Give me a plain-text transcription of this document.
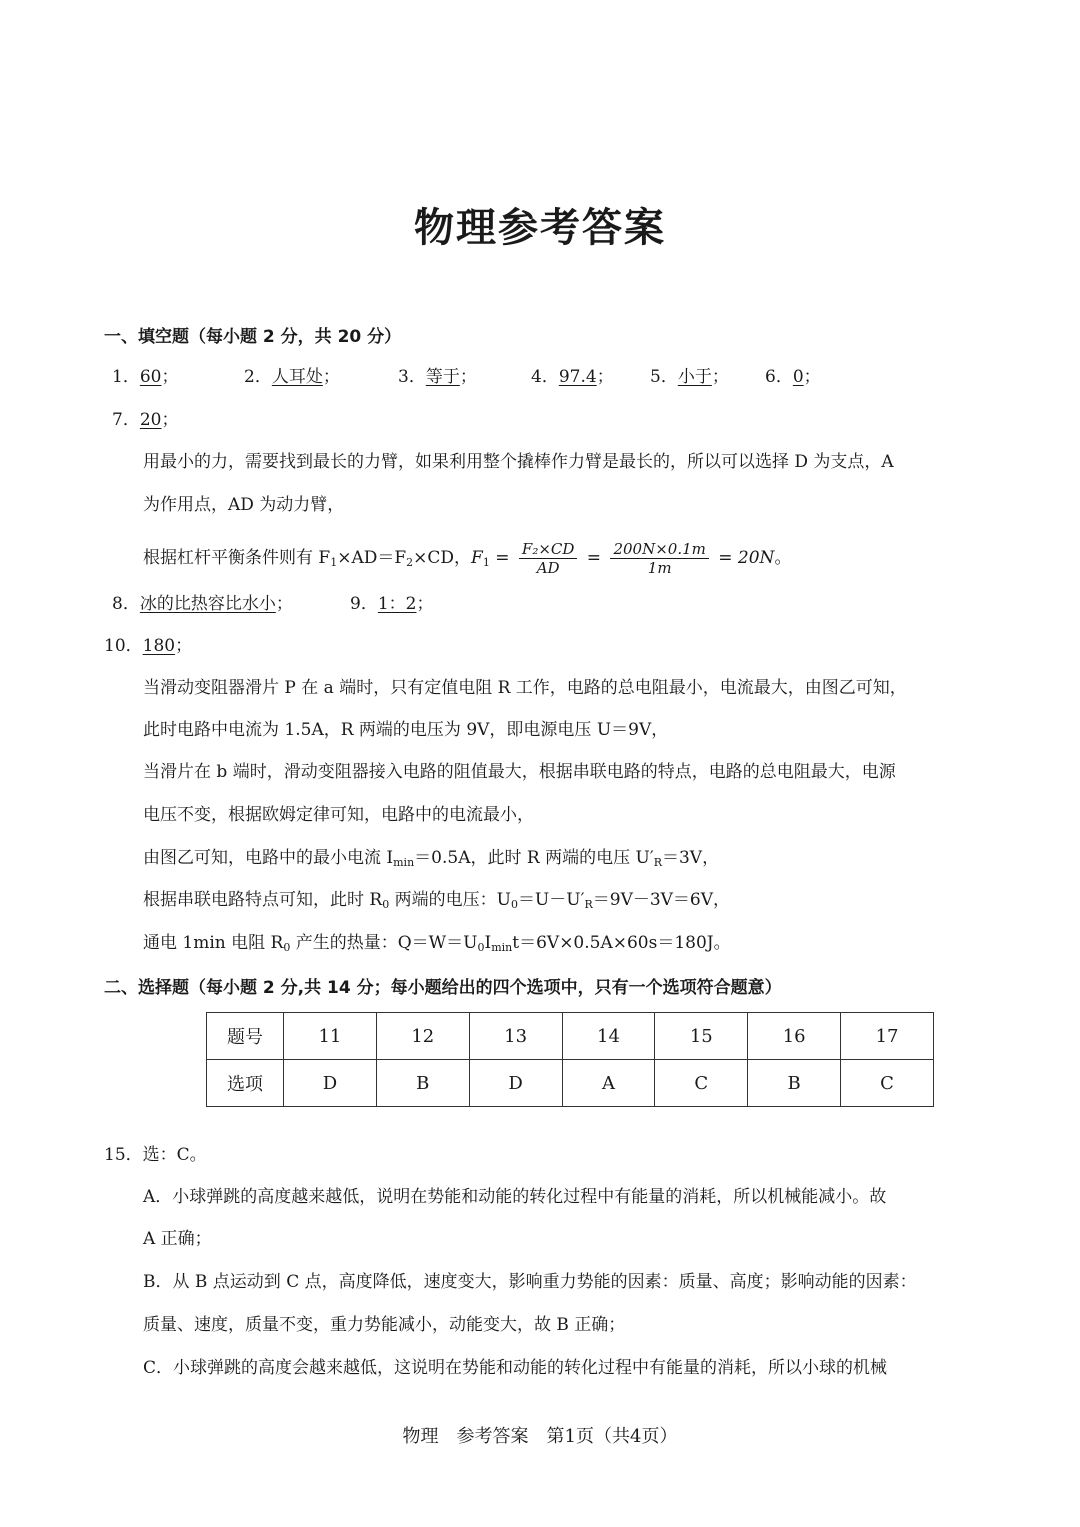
物理参考答案
一、填空题（每小题 2 分，共 20 分）
1．60；	2．人耳处；	3．等于；	4．97.4； 5．小于； 6．0；
7．20；
用最小的力，需要找到最长的力臂，如果利用整个撬棒作力臂是最长的，所以可以选择 D 为支点，A
为作用点，AD 为动力臂，
根据杠杆平衡条件则有 $F_1\times AD=F_2\times CD$，$F_1 = \frac{\text{F₂×CD}}{AD} = \frac{200N\times 0.1m}{1m} = 20N$。
8．冰的比热容比水小；	9．1：2；
10．180；
当滑动变阻器滑片 P 在 a 端时，只有定值电阻 R 工作，电路的总电阻最小，电流最大，由图乙可知，
此时电路中电流为 1.5A，R 两端的电压为 9V，即电源电压 U＝9V，
当滑片在 b 端时，滑动变阻器接入电路的阻值最大，根据串联电路的特点，电路的总电阻最大，电源
电压不变，根据欧姆定律可知，电路中的电流最小，
由图乙可知，电路中的最小电流 $I_{min}=0.5A$，此时 R 两端的电压 $U'_R=3V$，
根据串联电路特点可知，此时 $R_0$ 两端的电压：$U_0=U-U'_R=9V-3V=6V$，
通电 1min 电阻 $R_0$ 产生的热量：$Q=W=U_0I_{min}t=6V\times 0.5A\times 60s=180J$。
二、选择题（每小题 2 分,共 14 分；每小题给出的四个选项中，只有一个选项符合题意）
题号	11	12	13	14	15	16	17
选项	D	B	D	A	C	B	C
15．选：C。
A．小球弹跳的高度越来越低，说明在势能和动能的转化过程中有能量的消耗，所以机械能减小。故
A 正确；
B．从 B 点运动到 C 点，高度降低，速度变大，影响重力势能的因素：质量、高度；影响动能的因素：
质量、速度，质量不变，重力势能减小，动能变大，故 B 正确；
C．小球弹跳的高度会越来越低，这说明在势能和动能的转化过程中有能量的消耗，所以小球的机械
物理　参考答案　第1页（共4页）
